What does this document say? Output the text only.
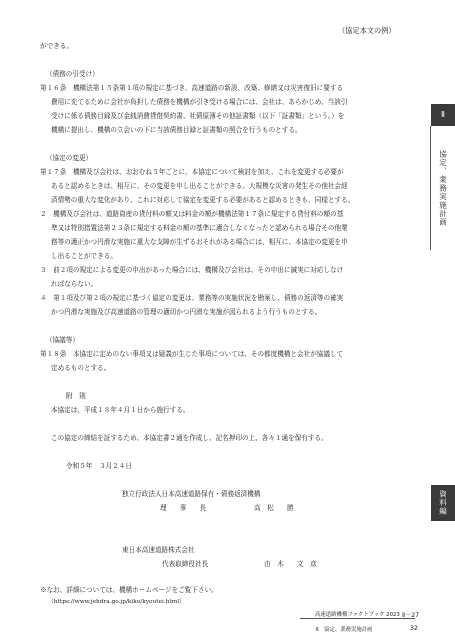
（協定本文の例）
ができる。
（債務の引受け）
第１６条　機構法第１５条第１項の規定に基づき、高速道路の新設、改築、修繕又は災害復旧に要する
費用に充てるために会社が負担した債務を機構が引き受ける場合には、会社は、あらかじめ、当該引
受けに係る債務目録及び金銭消費貸借契約書、社債原簿その他証書類（以下「証書類」という。）を
機構に提出し、機構の立会いの下に当該債務目録と証書類の照合を行うものとする。
（協定の変更）
第１７条　機構及び会社は、おおむね５年ごとに、本協定について検討を加え、これを変更する必要が
あると認めるときは、相互に、その変更を申し出ることができる。大規模な災害の発生その他社会経
済情勢の重大な変化があり、これに対応して協定を変更する必要があると認めるときも、同様とする。
２　機構及び会社は、道路資産の貸付料の額又は料金の額が機構法第１７条に規定する貸付料の額の基
準又は特別措置法第２３条に規定する料金の額の基準に適合しなくなったと認められる場合その他業
務等の適正かつ円滑な実施に重大な支障が生ずるおそれがある場合には、相互に、本協定の変更を申
し出ることができる。
３　前２項の規定による変更の申出があった場合には、機構及び会社は、その申出に誠実に対応しなけ
ればならない。
４　第１項及び第２項の規定に基づく協定の変更は、業務等の実施状況を勘案し、債務の返済等の確実
かつ円滑な実施及び高速道路の管理の適切かつ円滑な実施が図られるよう行うものとする。
（協議等）
第１８条　本協定に定めのない事項又は疑義が生じた事項については、その都度機構と会社が協議して
定めるものとする。
附　則
本協定は、平成１８年４月１日から施行する。
この協定の締結を証するため、本協定書２通を作成し、記名押印の上、各々１通を保有する。
令和５年　３月２４日
独立行政法人日本高速道路保有・債務返済機構
理　　事　　長	高　松　　勝
東日本高速道路株式会社
代表取締役社長	由　木　　文　彦
※なお、詳細については、機構ホームページをご覧下さい。
（https://www.jehdra.go.jp/kiko/kyoutei.html）
Ⅱ
協定、業務実施計画
資料編
高速道路機構ファクトブック 2023 Ⅱ－27
Ⅱ　協定、業務実施計画	32
